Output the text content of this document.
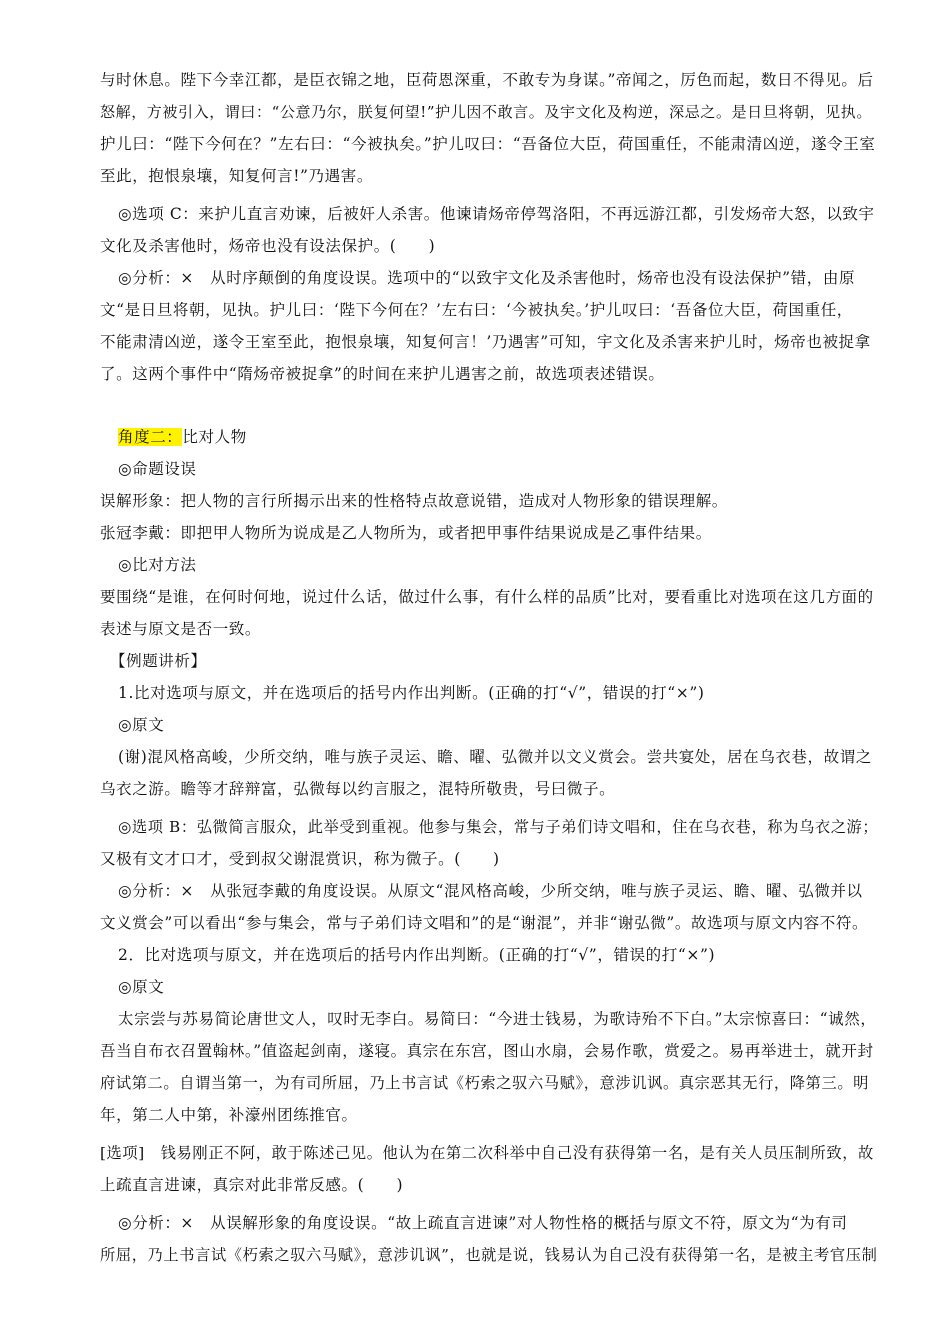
与时休息。陛下今幸江都，是臣衣锦之地，臣荷恩深重，不敢专为身谋。”帝闻之，厉色而起，数日不得见。后
怒解，方被引入，谓曰：“公意乃尔，朕复何望!”护儿因不敢言。及宇文化及构逆，深忌之。是日旦将朝，见执。
护儿曰：“陛下今何在？”左右曰：“今被执矣。”护儿叹曰：“吾备位大臣，荷国重任，不能肃清凶逆，遂令王室
至此，抱恨泉壤，知复何言!”乃遇害。
◎选项 C：来护儿直言劝谏，后被奸人杀害。他谏请炀帝停驾洛阳，不再远游江都，引发炀帝大怒，以致宇
文化及杀害他时，炀帝也没有设法保护。(　　)
◎分析：×　从时序颠倒的角度设误。选项中的“以致宇文化及杀害他时，炀帝也没有设法保护”错，由原
文“是日旦将朝，见执。护儿曰：‘陛下今何在？’左右曰：‘今被执矣。’护儿叹曰：‘吾备位大臣，荷国重任，
不能肃清凶逆，遂令王室至此，抱恨泉壤，知复何言！’乃遇害”可知，宇文化及杀害来护儿时，炀帝也被捉拿
了。这两个事件中“隋炀帝被捉拿”的时间在来护儿遇害之前，故选项表述错误。
角度二：比对人物
◎命题设误
误解形象：把人物的言行所揭示出来的性格特点故意说错，造成对人物形象的错误理解。
张冠李戴：即把甲人物所为说成是乙人物所为，或者把甲事件结果说成是乙事件结果。
◎比对方法
要围绕“是谁，在何时何地，说过什么话，做过什么事，有什么样的品质”比对，要看重比对选项在这几方面的
表述与原文是否一致。
【例题讲析】
1.比对选项与原文，并在选项后的括号内作出判断。(正确的打“√”，错误的打“×”)
◎原文
(谢)混风格高峻，少所交纳，唯与族子灵运、瞻、曜、弘微并以文义赏会。尝共宴处，居在乌衣巷，故谓之
乌衣之游。瞻等才辞辩富，弘微每以约言服之，混特所敬贵，号曰微子。
◎选项 B：弘微简言服众，此举受到重视。他参与集会，常与子弟们诗文唱和，住在乌衣巷，称为乌衣之游；
又极有文才口才，受到叔父谢混赏识，称为微子。(　　)
◎分析：×　从张冠李戴的角度设误。从原文“混风格高峻，少所交纳，唯与族子灵运、瞻、曜、弘微并以
文义赏会”可以看出“参与集会，常与子弟们诗文唱和”的是“谢混”，并非“谢弘微”。故选项与原文内容不符。
2．比对选项与原文，并在选项后的括号内作出判断。(正确的打“√”，错误的打“×”)
◎原文
太宗尝与苏易简论唐世文人，叹时无李白。易简曰：“今进士钱易，为歌诗殆不下白。”太宗惊喜曰：“诚然，
吾当自布衣召置翰林。”值盗起剑南，遂寝。真宗在东宫，图山水扇，会易作歌，赏爱之。易再举进士，就开封
府试第二。自谓当第一，为有司所屈，乃上书言试《朽索之驭六马赋》，意涉讥讽。真宗恶其无行，降第三。明
年，第二人中第，补濠州团练推官。
[选项]　钱易刚正不阿，敢于陈述己见。他认为在第二次科举中自己没有获得第一名，是有关人员压制所致，故
上疏直言进谏，真宗对此非常反感。(　　)
◎分析：×　从误解形象的角度设误。“故上疏直言进谏”对人物性格的概括与原文不符，原文为“为有司
所屈，乃上书言试《朽索之驭六马赋》，意涉讥讽”，也就是说，钱易认为自己没有获得第一名，是被主考官压制
